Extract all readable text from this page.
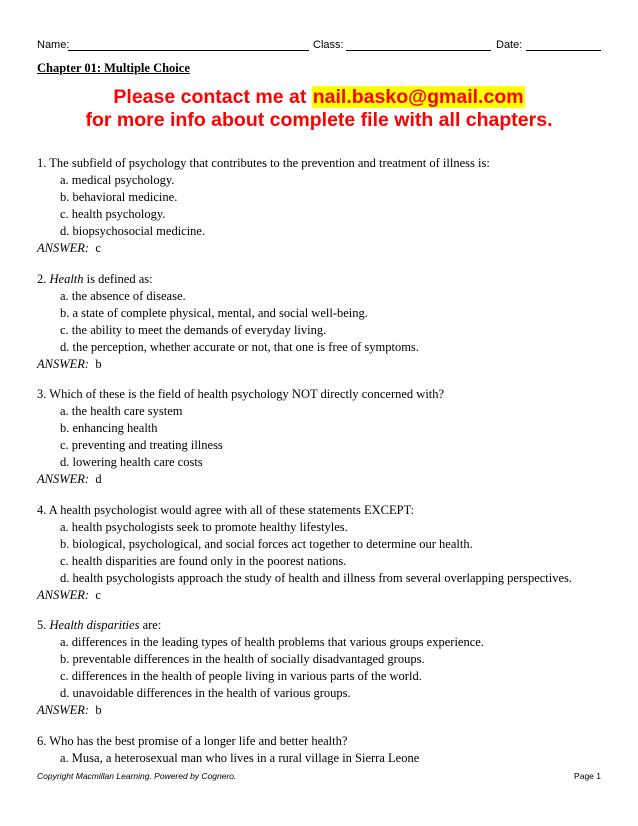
Name:	Class:	Date:
Chapter 01: Multiple Choice
Please contact me at nail.basko@gmail.com
for more info about complete file with all chapters.
1. The subfield of psychology that contributes to the prevention and treatment of illness is:
a. medical psychology.
b. behavioral medicine.
c. health psychology.
d. biopsychosocial medicine.
ANSWER: c
2. Health is defined as:
a. the absence of disease.
b. a state of complete physical, mental, and social well-being.
c. the ability to meet the demands of everyday living.
d. the perception, whether accurate or not, that one is free of symptoms.
ANSWER: b
3. Which of these is the field of health psychology NOT directly concerned with?
a. the health care system
b. enhancing health
c. preventing and treating illness
d. lowering health care costs
ANSWER: d
4. A health psychologist would agree with all of these statements EXCEPT:
a. health psychologists seek to promote healthy lifestyles.
b. biological, psychological, and social forces act together to determine our health.
c. health disparities are found only in the poorest nations.
d. health psychologists approach the study of health and illness from several overlapping perspectives.
ANSWER: c
5. Health disparities are:
a. differences in the leading types of health problems that various groups experience.
b. preventable differences in the health of socially disadvantaged groups.
c. differences in the health of people living in various parts of the world.
d. unavoidable differences in the health of various groups.
ANSWER: b
6. Who has the best promise of a longer life and better health?
a. Musa, a heterosexual man who lives in a rural village in Sierra Leone
Copyright Macmillan Learning. Powered by Cognero.	Page 1
